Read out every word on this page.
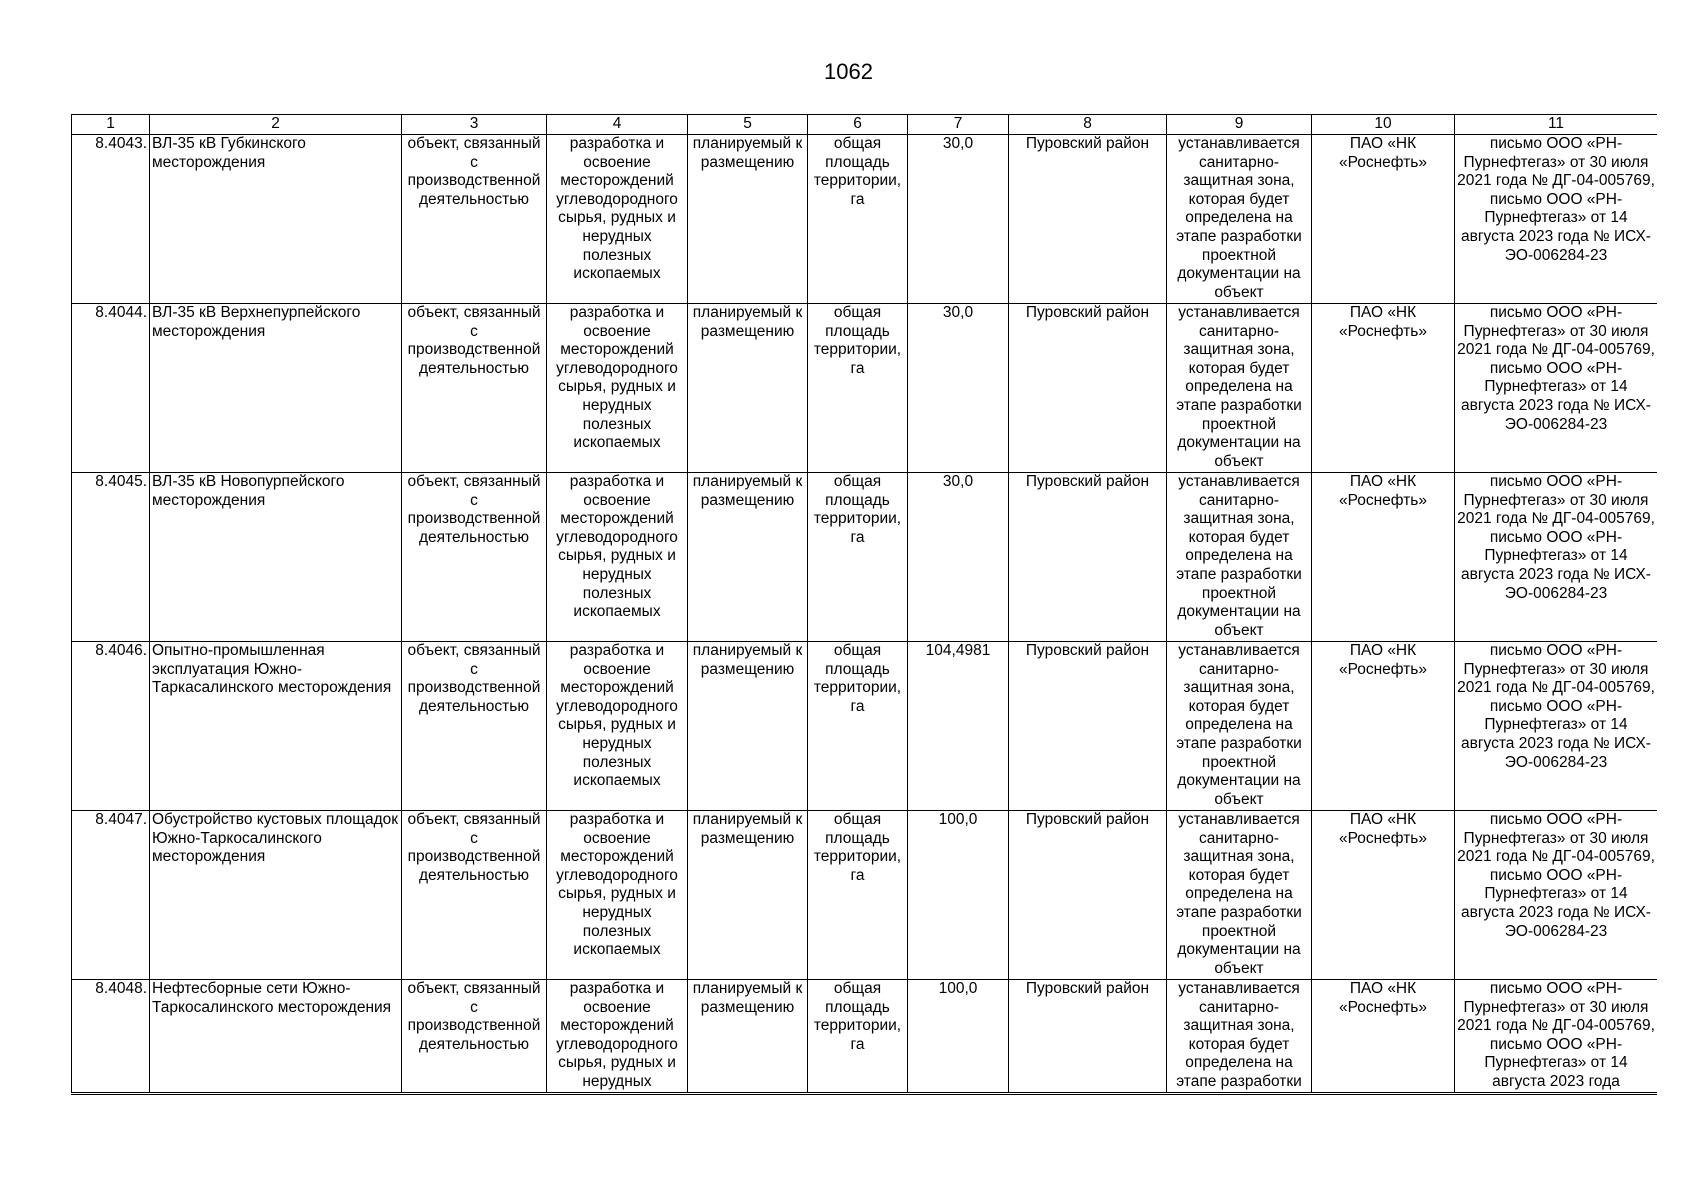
1062
1	2	3	4	5	6	7	8	9	10	11
8.4043.	ВЛ-35 кВ Губкинского месторождения	объект, связанный с производственной деятельностью	разработка и освоение месторождений углеводородного сырья, рудных и нерудных полезных ископаемых	планируемый к размещению	общая площадь территории, га	30,0	Пуровский район	устанавливается санитарно-защитная зона, которая будет определена на этапе разработки проектной документации на объект	ПАО «НК «Роснефть»	письмо ООО «РН-Пурнефтегаз» от 30 июля 2021 года № ДГ-04-005769, письмо ООО «РН-Пурнефтегаз» от 14 августа 2023 года № ИСХ-ЭО-006284-23
8.4044.	ВЛ-35 кВ Верхнепурпейского месторождения	объект, связанный с производственной деятельностью	разработка и освоение месторождений углеводородного сырья, рудных и нерудных полезных ископаемых	планируемый к размещению	общая площадь территории, га	30,0	Пуровский район	устанавливается санитарно-защитная зона, которая будет определена на этапе разработки проектной документации на объект	ПАО «НК «Роснефть»	письмо ООО «РН-Пурнефтегаз» от 30 июля 2021 года № ДГ-04-005769, письмо ООО «РН-Пурнефтегаз» от 14 августа 2023 года № ИСХ-ЭО-006284-23
8.4045.	ВЛ-35 кВ Новопурпейского месторождения	объект, связанный с производственной деятельностью	разработка и освоение месторождений углеводородного сырья, рудных и нерудных полезных ископаемых	планируемый к размещению	общая площадь территории, га	30,0	Пуровский район	устанавливается санитарно-защитная зона, которая будет определена на этапе разработки проектной документации на объект	ПАО «НК «Роснефть»	письмо ООО «РН-Пурнефтегаз» от 30 июля 2021 года № ДГ-04-005769, письмо ООО «РН-Пурнефтегаз» от 14 августа 2023 года № ИСХ-ЭО-006284-23
8.4046.	Опытно-промышленная эксплуатация Южно-Таркасалинского месторождения	объект, связанный с производственной деятельностью	разработка и освоение месторождений углеводородного сырья, рудных и нерудных полезных ископаемых	планируемый к размещению	общая площадь территории, га	104,4981	Пуровский район	устанавливается санитарно-защитная зона, которая будет определена на этапе разработки проектной документации на объект	ПАО «НК «Роснефть»	письмо ООО «РН-Пурнефтегаз» от 30 июля 2021 года № ДГ-04-005769, письмо ООО «РН-Пурнефтегаз» от 14 августа 2023 года № ИСХ-ЭО-006284-23
8.4047.	Обустройство кустовых площадок Южно-Таркосалинского месторождения	объект, связанный с производственной деятельностью	разработка и освоение месторождений углеводородного сырья, рудных и нерудных полезных ископаемых	планируемый к размещению	общая площадь территории, га	100,0	Пуровский район	устанавливается санитарно-защитная зона, которая будет определена на этапе разработки проектной документации на объект	ПАО «НК «Роснефть»	письмо ООО «РН-Пурнефтегаз» от 30 июля 2021 года № ДГ-04-005769, письмо ООО «РН-Пурнефтегаз» от 14 августа 2023 года № ИСХ-ЭО-006284-23
8.4048.	Нефтесборные сети Южно-Таркосалинского месторождения	объект, связанный с производственной деятельностью	разработка и освоение месторождений углеводородного сырья, рудных и нерудных	планируемый к размещению	общая площадь территории, га	100,0	Пуровский район	устанавливается санитарно-защитная зона, которая будет определена на этапе разработки	ПАО «НК «Роснефть»	письмо ООО «РН-Пурнефтегаз» от 30 июля 2021 года № ДГ-04-005769, письмо ООО «РН-Пурнефтегаз» от 14 августа 2023 года
